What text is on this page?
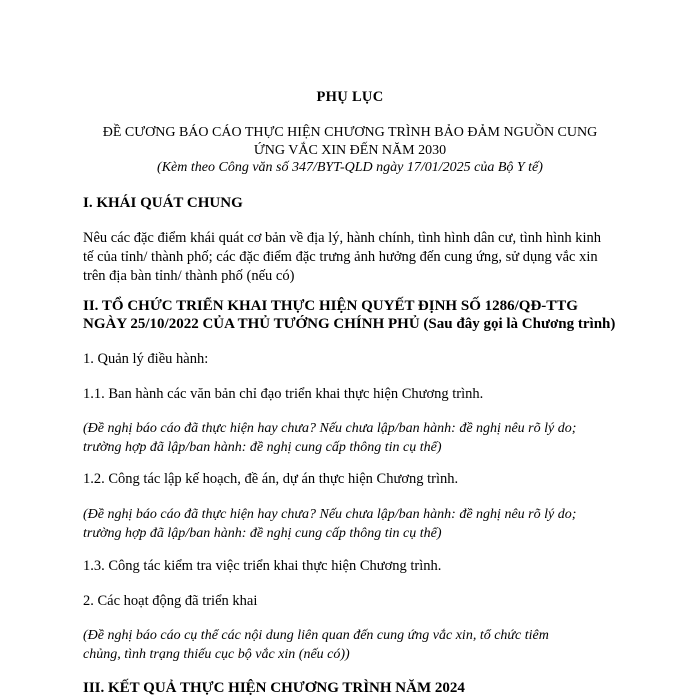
PHỤ LỤC
ĐỀ CƯƠNG BÁO CÁO THỰC HIỆN CHƯƠNG TRÌNH BẢO ĐẢM NGUỒN CUNG
ỨNG VẮC XIN ĐẾN NĂM 2030
(Kèm theo Công văn số 347/BYT-QLD ngày 17/01/2025 của Bộ Y tế)
I. KHÁI QUÁT CHUNG
Nêu các đặc điểm khái quát cơ bản về địa lý, hành chính, tình hình dân cư, tình hình kinh
tế của tỉnh/ thành phố; các đặc điểm đặc trưng ảnh hưởng đến cung ứng, sử dụng vắc xin
trên địa bàn tỉnh/ thành phố (nếu có)
II. TỔ CHỨC TRIỂN KHAI THỰC HIỆN QUYẾT ĐỊNH SỐ 1286/QĐ-TTG
NGÀY 25/10/2022 CỦA THỦ TƯỚNG CHÍNH PHỦ (Sau đây gọi là Chương trình)
1. Quản lý điều hành:
1.1. Ban hành các văn bản chỉ đạo triển khai thực hiện Chương trình.
(Đề nghị báo cáo đã thực hiện hay chưa? Nếu chưa lập/ban hành: đề nghị nêu rõ lý do;
trường hợp đã lập/ban hành: đề nghị cung cấp thông tin cụ thể)
1.2. Công tác lập kế hoạch, đề án, dự án thực hiện Chương trình.
(Đề nghị báo cáo đã thực hiện hay chưa? Nếu chưa lập/ban hành: đề nghị nêu rõ lý do;
trường hợp đã lập/ban hành: đề nghị cung cấp thông tin cụ thể)
1.3. Công tác kiểm tra việc triển khai thực hiện Chương trình.
2. Các hoạt động đã triển khai
(Đề nghị báo cáo cụ thể các nội dung liên quan đến cung ứng vắc xin, tổ chức tiêm
chủng, tình trạng thiếu cục bộ vắc xin (nếu có))
III. KẾT QUẢ THỰC HIỆN CHƯƠNG TRÌNH NĂM 2024
